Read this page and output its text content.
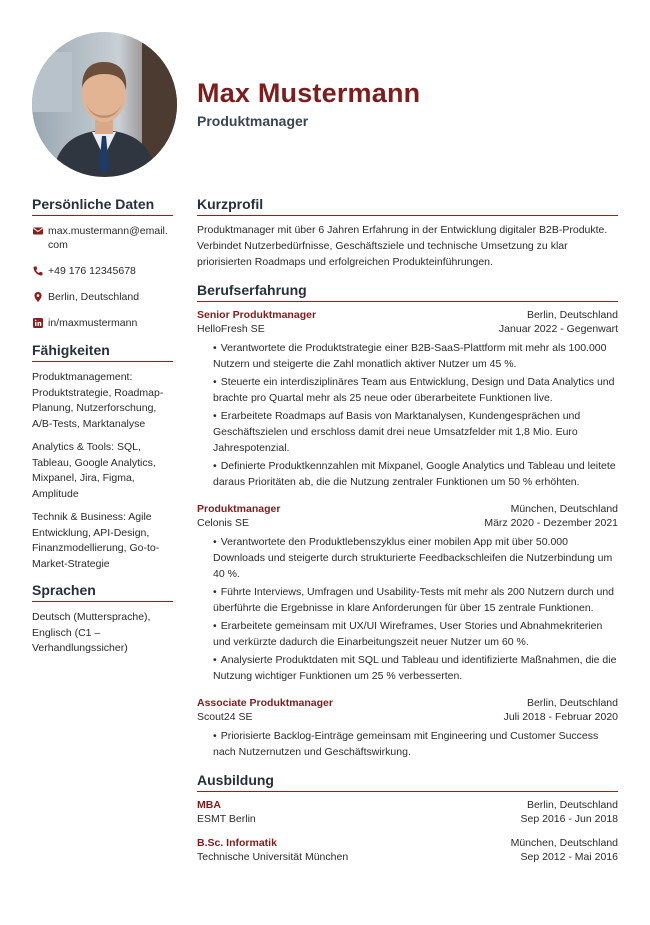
Max Mustermann
Produktmanager
Persönliche Daten
max.mustermann@email.com
+49 176 12345678
Berlin, Deutschland
in/maxmustermann
Fähigkeiten

Produktmanagement: Produktstrategie, Roadmap-Planung, Nutzerforschung, A/B-Tests, Marktanalyse

Analytics & Tools: SQL, Tableau, Google Analytics, Mixpanel, Jira, Figma, Amplitude

Technik & Business: Agile Entwicklung, API-Design, Finanzmodellierung, Go-to-Market-Strategie

Sprachen

Deutsch (Muttersprache), Englisch (C1 – Verhandlungssicher)

Kurzprofil

Produktmanager mit über 6 Jahren Erfahrung in der Entwicklung digitaler B2B-Produkte. Verbindet Nutzerbedürfnisse, Geschäftsziele und technische Umsetzung zu klar priorisierten Roadmaps und erfolgreichen Produkteinführungen.

Berufserfahrung
Senior Produktmanager	Berlin, Deutschland
HelloFresh SE	Januar 2022 - Gegenwart
• Verantwortete die Produktstrategie einer B2B-SaaS-Plattform mit mehr als 100.000 Nutzern und steigerte die Zahl monatlich aktiver Nutzer um 45 %.
• Steuerte ein interdisziplinäres Team aus Entwicklung, Design und Data Analytics und brachte pro Quartal mehr als 25 neue oder überarbeitete Funktionen live.
• Erarbeitete Roadmaps auf Basis von Marktanalysen, Kundengesprächen und Geschäftszielen und erschloss damit drei neue Umsatzfelder mit 1,8 Mio. Euro Jahrespotenzial.
• Definierte Produktkennzahlen mit Mixpanel, Google Analytics und Tableau und leitete daraus Prioritäten ab, die die Nutzung zentraler Funktionen um 50 % erhöhten.
Produktmanager	München, Deutschland
Celonis SE	März 2020 - Dezember 2021
• Verantwortete den Produktlebenszyklus einer mobilen App mit über 50.000 Downloads und steigerte durch strukturierte Feedbackschleifen die Nutzerbindung um 40 %.
• Führte Interviews, Umfragen und Usability-Tests mit mehr als 200 Nutzern durch und überführte die Ergebnisse in klare Anforderungen für über 15 zentrale Funktionen.
• Erarbeitete gemeinsam mit UX/UI Wireframes, User Stories und Abnahmekriterien und verkürzte dadurch die Einarbeitungszeit neuer Nutzer um 60 %.
• Analysierte Produktdaten mit SQL und Tableau und identifizierte Maßnahmen, die die Nutzung wichtiger Funktionen um 25 % verbesserten.
Associate Produktmanager	Berlin, Deutschland
Scout24 SE	Juli 2018 - Februar 2020
• Priorisierte Backlog-Einträge gemeinsam mit Engineering und Customer Success nach Nutzernutzen und Geschäftswirkung.
Ausbildung
MBA	Berlin, Deutschland
ESMT Berlin	Sep 2016 - Jun 2018
B.Sc. Informatik	München, Deutschland
Technische Universität München	Sep 2012 - Mai 2016
